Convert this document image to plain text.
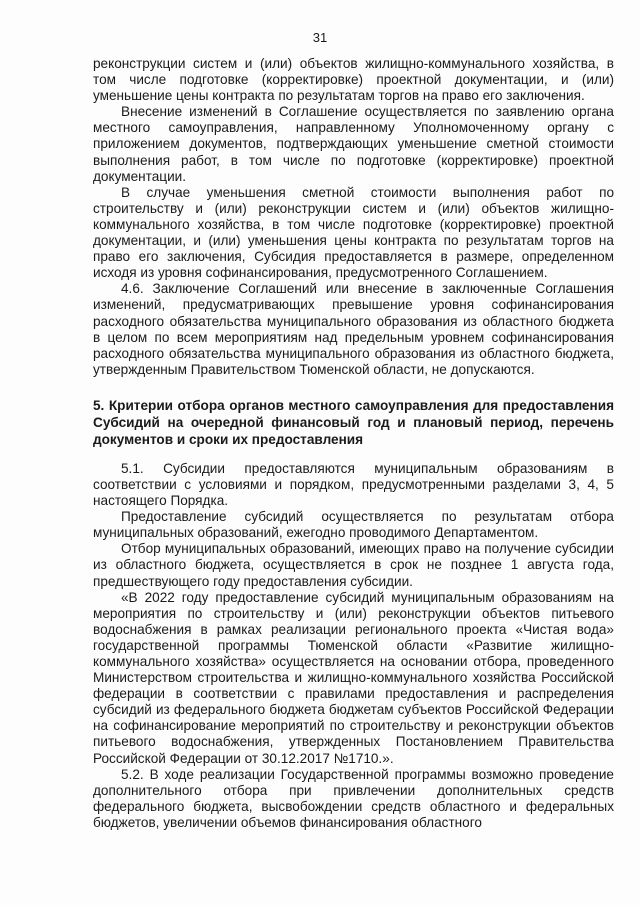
31

реконструкции систем и (или) объектов жилищно-коммунального хозяйства, в том числе подготовке (корректировке) проектной документации, и (или) уменьшение цены контракта по результатам торгов на право его заключения.

Внесение изменений в Соглашение осуществляется по заявлению органа местного самоуправления, направленному Уполномоченному органу с приложением документов, подтверждающих уменьшение сметной стоимости выполнения работ, в том числе по подготовке (корректировке) проектной документации.

В случае уменьшения сметной стоимости выполнения работ по строительству и (или) реконструкции систем и (или) объектов жилищно-коммунального хозяйства, в том числе подготовке (корректировке) проектной документации, и (или) уменьшения цены контракта по результатам торгов на право его заключения, Субсидия предоставляется в размере, определенном исходя из уровня софинансирования, предусмотренного Соглашением.

4.6. Заключение Соглашений или внесение в заключенные Соглашения изменений, предусматривающих превышение уровня софинансирования расходного обязательства муниципального образования из областного бюджета в целом по всем мероприятиям над предельным уровнем софинансирования расходного обязательства муниципального образования из областного бюджета, утвержденным Правительством Тюменской области, не допускаются.

5. Критерии отбора органов местного самоуправления для предоставления Субсидий на очередной финансовый год и плановый период, перечень документов и сроки их предоставления

5.1. Субсидии предоставляются муниципальным образованиям в соответствии с условиями и порядком, предусмотренными разделами 3, 4, 5 настоящего Порядка.

Предоставление субсидий осуществляется по результатам отбора муниципальных образований, ежегодно проводимого Департаментом.

Отбор муниципальных образований, имеющих право на получение субсидии из областного бюджета, осуществляется в срок не позднее 1 августа года, предшествующего году предоставления субсидии.

«В 2022 году предоставление субсидий муниципальным образованиям на мероприятия по строительству и (или) реконструкции объектов питьевого водоснабжения в рамках реализации регионального проекта «Чистая вода» государственной программы Тюменской области «Развитие жилищно-коммунального хозяйства» осуществляется на основании отбора, проведенного Министерством строительства и жилищно-коммунального хозяйства Российской федерации в соответствии с правилами предоставления и распределения субсидий из федерального бюджета бюджетам субъектов Российской Федерации на софинансирование мероприятий по строительству и реконструкции объектов питьевого водоснабжения, утвержденных Постановлением Правительства Российской Федерации от 30.12.2017 №1710.».

5.2. В ходе реализации Государственной программы возможно проведение дополнительного отбора при привлечении дополнительных средств федерального бюджета, высвобождении средств областного и федеральных бюджетов, увеличении объемов финансирования областного
